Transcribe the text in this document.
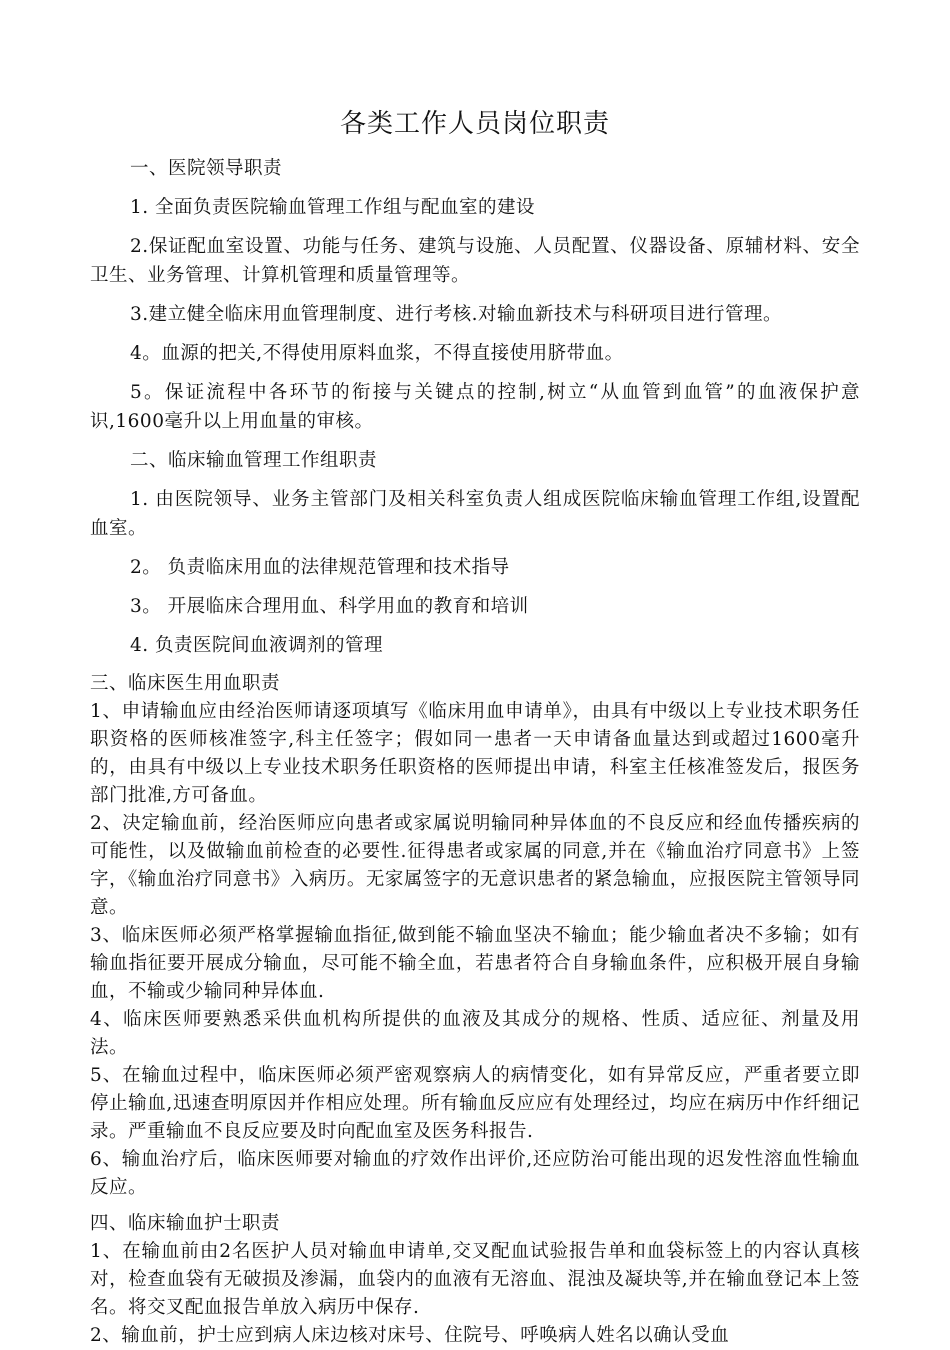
各类工作人员岗位职责

一、医院领导职责

1. 全面负责医院输血管理工作组与配血室的建设

2.保证配血室设置、功能与任务、建筑与设施、人员配置、仪器设备、原辅材料、安全卫生、业务管理、计算机管理和质量管理等。

3.建立健全临床用血管理制度、进行考核.对输血新技术与科研项目进行管理。

4。血源的把关,不得使用原料血浆，不得直接使用脐带血。

5。保证流程中各环节的衔接与关键点的控制,树立“从血管到血管”的血液保护意识,1600毫升以上用血量的审核。

二、临床输血管理工作组职责

1. 由医院领导、业务主管部门及相关科室负责人组成医院临床输血管理工作组,设置配血室。

2。 负责临床用血的法律规范管理和技术指导

3。 开展临床合理用血、科学用血的教育和培训

4. 负责医院间血液调剂的管理

三、临床医生用血职责

1、申请输血应由经治医师请逐项填写《临床用血申请单》，由具有中级以上专业技术职务任职资格的医师核准签字,科主任签字；假如同一患者一天申请备血量达到或超过1600毫升的，由具有中级以上专业技术职务任职资格的医师提出申请，科室主任核准签发后，报医务部门批准,方可备血。

2、决定输血前，经治医师应向患者或家属说明输同种异体血的不良反应和经血传播疾病的可能性，以及做输血前检查的必要性.征得患者或家属的同意,并在《输血治疗同意书》上签字，《输血治疗同意书》入病历。无家属签字的无意识患者的紧急输血，应报医院主管领导同意。

3、临床医师必须严格掌握输血指征,做到能不输血坚决不输血；能少输血者决不多输；如有输血指征要开展成分输血，尽可能不输全血，若患者符合自身输血条件，应积极开展自身输血，不输或少输同种异体血.

4、临床医师要熟悉采供血机构所提供的血液及其成分的规格、性质、适应征、剂量及用法。

5、在输血过程中，临床医师必须严密观察病人的病情变化，如有异常反应，严重者要立即停止输血,迅速查明原因并作相应处理。所有输血反应应有处理经过，均应在病历中作纤细记录。严重输血不良反应要及时向配血室及医务科报告.

6、输血治疗后，临床医师要对输血的疗效作出评价,还应防治可能出现的迟发性溶血性输血反应。

四、临床输血护士职责

1、在输血前由2名医护人员对输血申请单,交叉配血试验报告单和血袋标签上的内容认真核对，检查血袋有无破损及渗漏，血袋内的血液有无溶血、混浊及凝块等,并在输血登记本上签名。将交叉配血报告单放入病历中保存.

2、输血前，护士应到病人床边核对床号、住院号、呼唤病人姓名以确认受血
